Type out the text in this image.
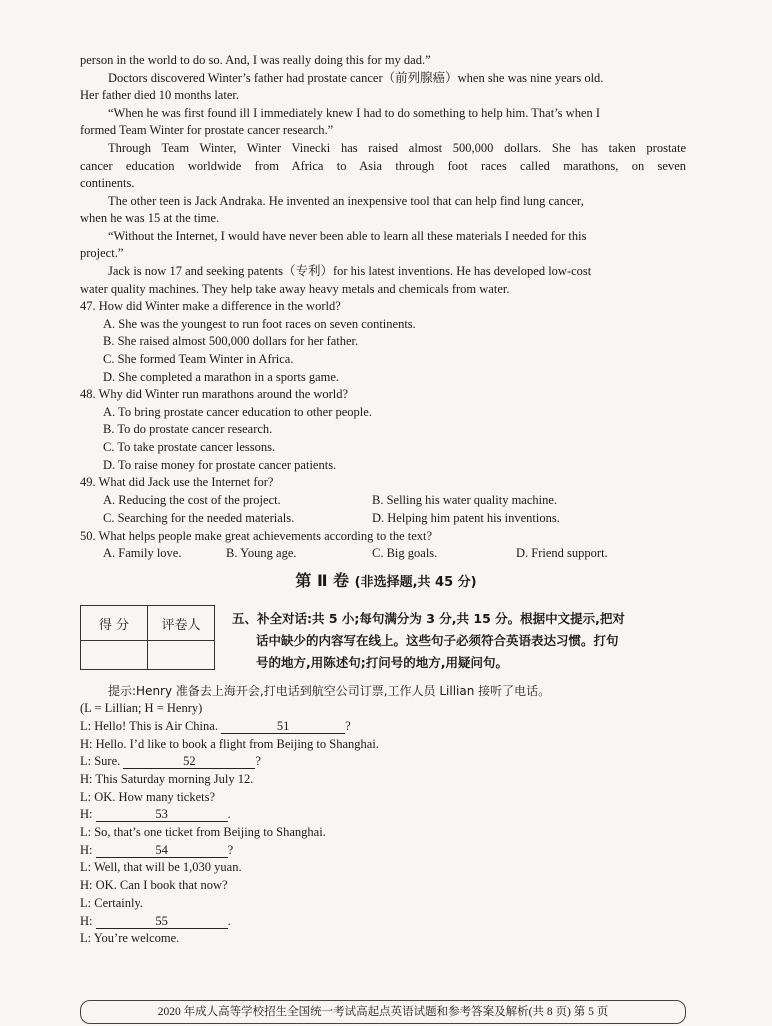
person in the world to do so. And, I was really doing this for my dad.”
Doctors discovered Winter’s father had prostate cancer（前列腺癌）when she was nine years old.
Her father died 10 months later.
“When he was first found ill I immediately knew I had to do something to help him. That’s when I
formed Team Winter for prostate cancer research.”
Through Team Winter, Winter Vinecki has raised almost 500,000 dollars. She has taken prostate
cancer education worldwide from Africa to Asia through foot races called marathons, on seven
continents.
The other teen is Jack Andraka. He invented an inexpensive tool that can help find lung cancer,
when he was 15 at the time.
“Without the Internet, I would have never been able to learn all these materials I needed for this
project.”
Jack is now 17 and seeking patents（专利）for his latest inventions. He has developed low-cost
water quality machines. They help take away heavy metals and chemicals from water.
47. How did Winter make a difference in the world?
A. She was the youngest to run foot races on seven continents.
B. She raised almost 500,000 dollars for her father.
C. She formed Team Winter in Africa.
D. She completed a marathon in a sports game.
48. Why did Winter run marathons around the world?
A. To bring prostate cancer education to other people.
B. To do prostate cancer research.
C. To take prostate cancer lessons.
D. To raise money for prostate cancer patients.
49. What did Jack use the Internet for?
A. Reducing the cost of the project.	B. Selling his water quality machine.
C. Searching for the needed materials.	D. Helping him patent his inventions.
50. What helps people make great achievements according to the text?
A. Family love.	B. Young age.	C. Big goals.	D. Friend support.
第 Ⅱ 卷 (非选择题,共 45 分)
得 分	评卷人
		五、补全对话:共 5 小;每句满分为 3 分,共 15 分。根据中文提示,把对
话中缺少的内容写在线上。这些句子必须符合英语表达习惯。打句
号的地方,用陈述句;打问号的地方,用疑问句。
提示:Henry 准备去上海开会,打电话到航空公司订票,工作人员 Lillian 接听了电话。
(L = Lillian; H = Henry)
L: Hello! This is Air China.	51	?
H: Hello. I’d like to book a flight from Beijing to Shanghai.
L: Sure.	52	?
H: This Saturday morning July 12.
L: OK. How many tickets?
H:	53	.
L: So, that’s one ticket from Beijing to Shanghai.
H:	54	?
L: Well, that will be 1,030 yuan.
H: OK. Can I book that now?
L: Certainly.
H:	55	.
L: You’re welcome.
2020 年成人高等学校招生全国统一考试高起点英语试题和参考答案及解析(共 8 页) 第 5 页
